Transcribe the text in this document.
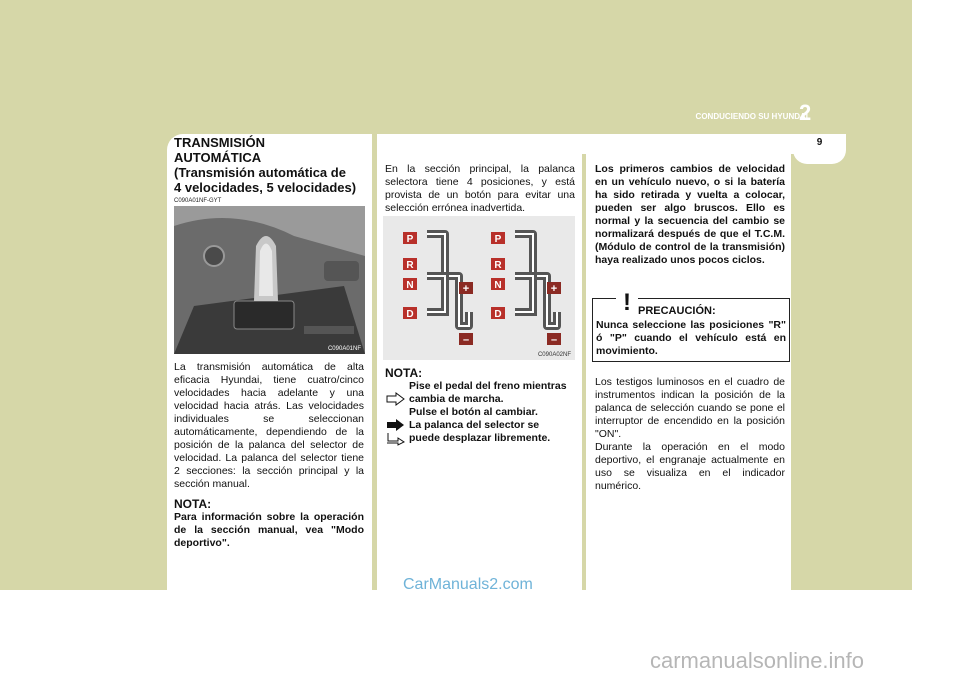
CONDUCIENDO SU HYUNDAI
2
9
TRANSMISIÓN
AUTOMÁTICA
(Transmisión automática de
4 velocidades, 5 velocidades)
C090A01NF-GYT
C090A01NF
La transmisión automática de alta eficacia Hyundai, tiene cuatro/cinco velocidades hacia adelante y una velocidad hacia atrás. Las velocidades individuales se seleccionan automáticamente, dependiendo de la posición de la palanca del selector de velocidad. La palanca del selector tiene 2 secciones: la sección principal y la sección manual.
NOTA:
Para información sobre la operación de la sección manual, vea "Modo deportivo".
En la sección principal, la palanca selectora tiene 4 posiciones, y está provista de un botón para evitar una selección errónea inadvertida.
P
R
N
D
+
–
P
R
N
D
+
–
C090A02NF
NOTA:
Pise el pedal del freno mientras
cambia de marcha.
Pulse el botón al cambiar.
La palanca del selector se
puede desplazar libremente.
Los primeros cambios de velocidad en un vehículo nuevo, o si la batería ha sido retirada y vuelta a colocar, pueden ser algo bruscos. Ello es normal y la secuencia del cambio se normalizará después de que el T.C.M. (Módulo de control de la transmisión) haya realizado unos pocos ciclos.
! PRECAUCIÓN:
Nunca seleccione las posiciones "R" ó "P" cuando el vehículo está en movimiento.
Los testigos luminosos en el cuadro de instrumentos indican la posición de la palanca de selección cuando se pone el interruptor de encendido en la posición "ON".
Durante la operación en el modo deportivo, el engranaje actualmente en uso se visualiza en el indicador numérico.
CarManuals2.com
carmanualsonline.info
